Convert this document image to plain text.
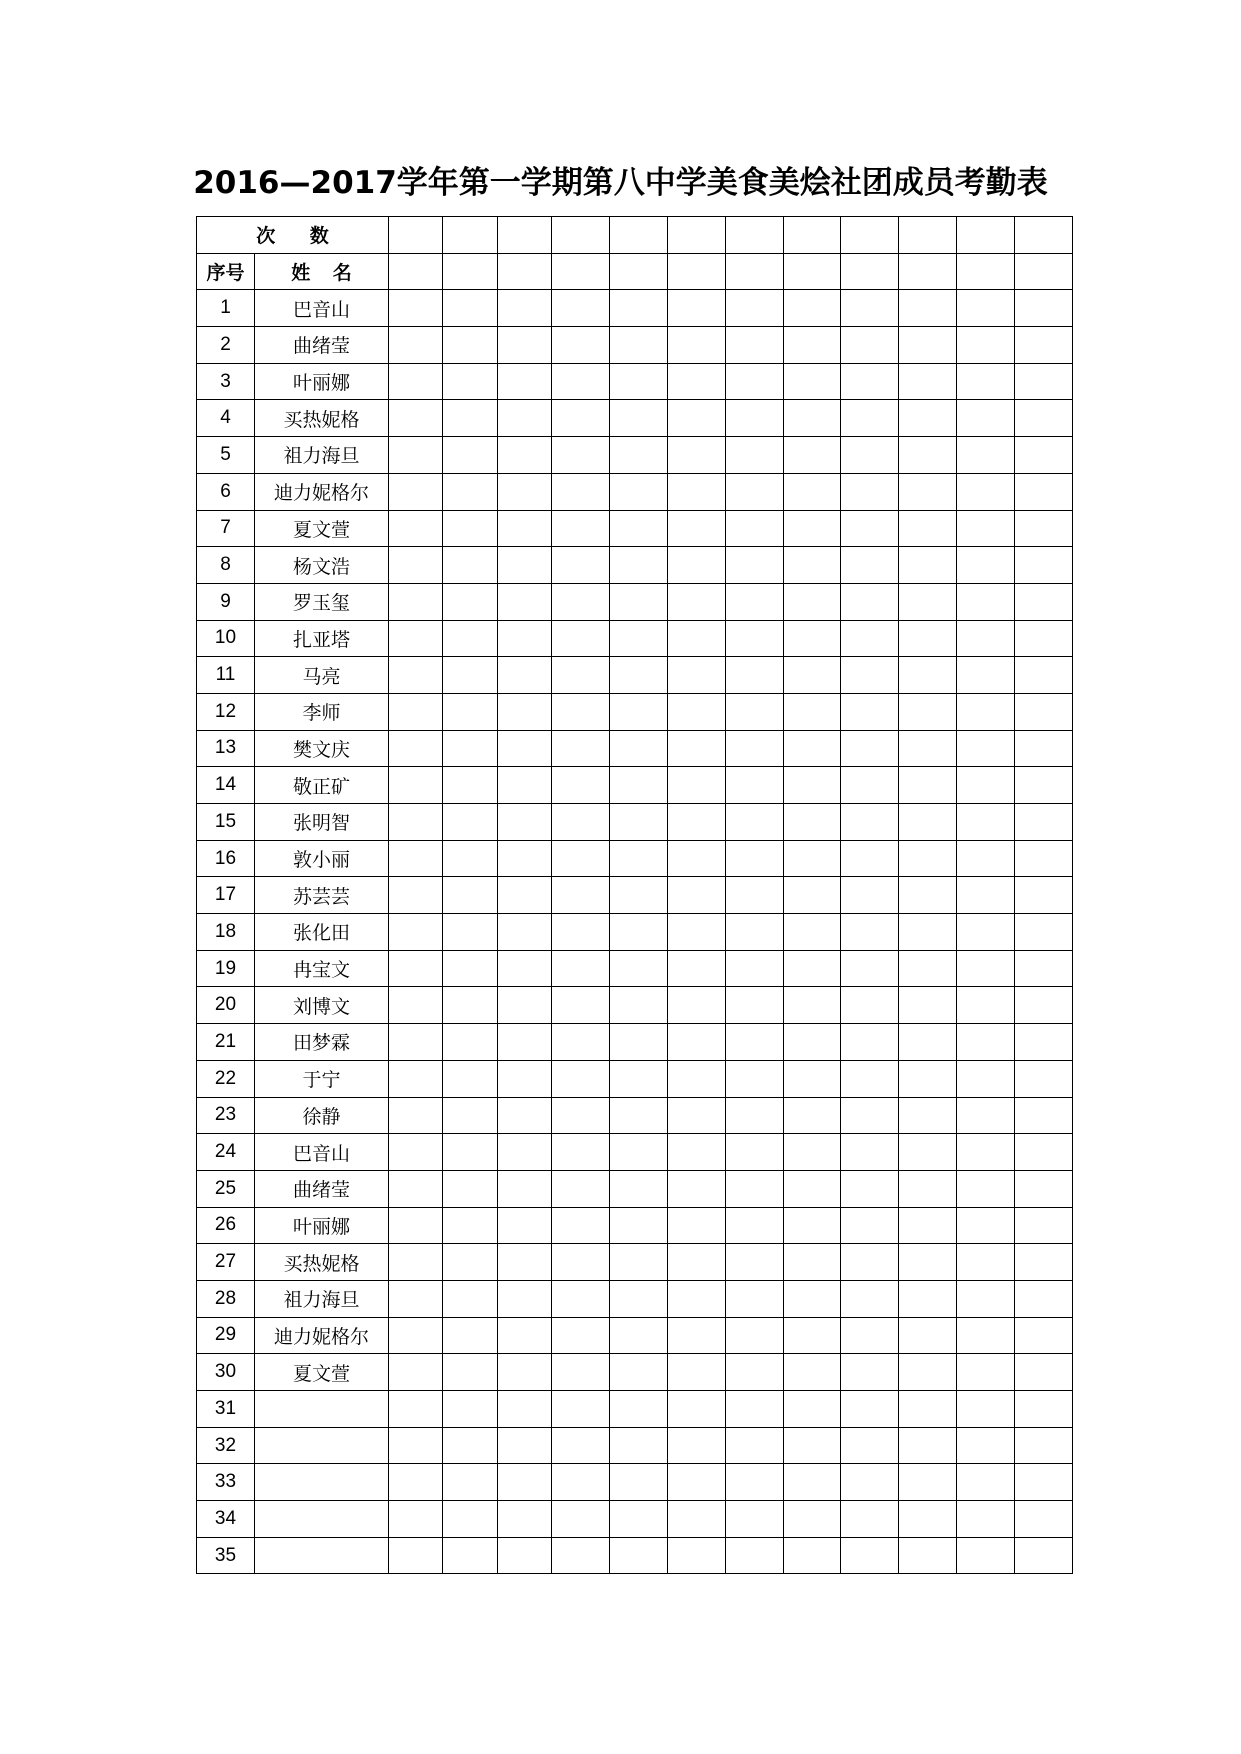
2016—2017学年第一学期第八中学美食美烩社团成员考勤表
次 数													
序号	姓 名												
1	巴音山												
2	曲绪莹												
3	叶丽娜												
4	买热妮格												
5	祖力海旦												
6	迪力妮格尔												
7	夏文萱												
8	杨文浩												
9	罗玉玺												
10	扎亚塔												
11	马亮												
12	李师												
13	樊文庆												
14	敬正矿												
15	张明智												
16	敦小丽												
17	苏芸芸												
18	张化田												
19	冉宝文												
20	刘博文												
21	田梦霖												
22	于宁												
23	徐静												
24	巴音山												
25	曲绪莹												
26	叶丽娜												
27	买热妮格												
28	祖力海旦												
29	迪力妮格尔												
30	夏文萱												
31													
32													
33													
34													
35													
